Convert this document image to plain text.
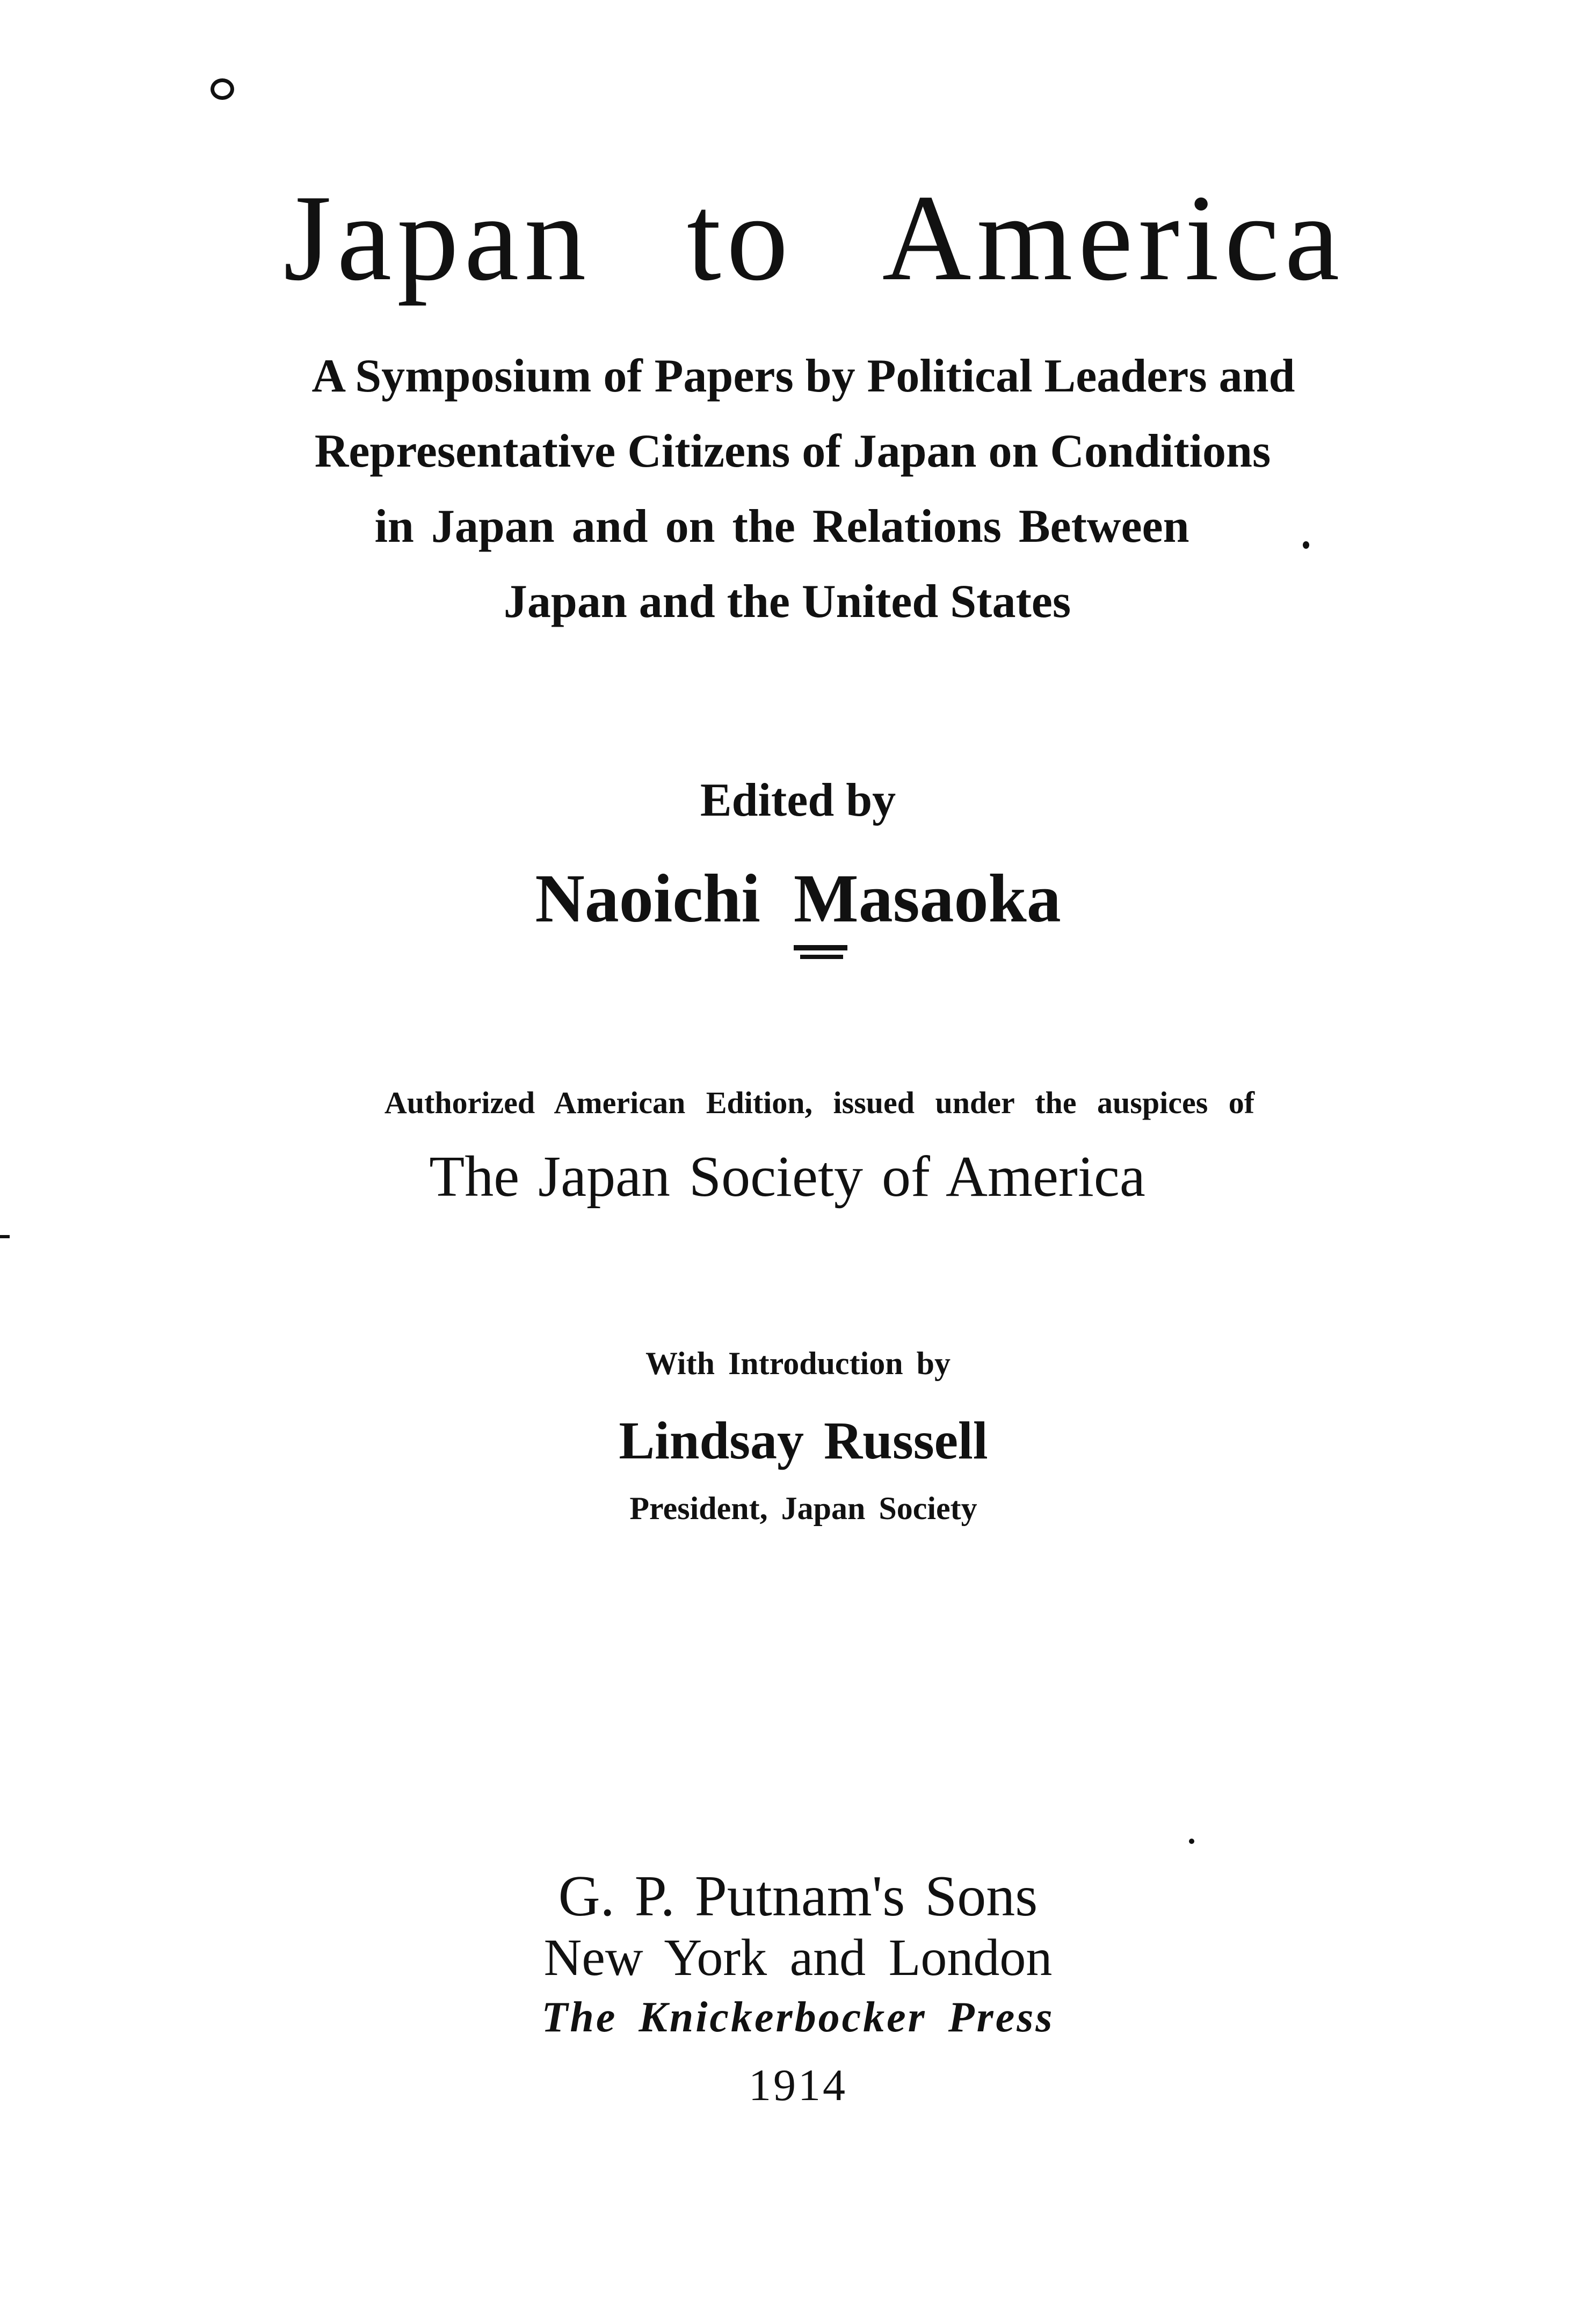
Japan to America
A Symposium of Papers by Political Leaders and
Representative Citizens of Japan on Conditions
in Japan and on the Relations Between
Japan and the United States
Edited by
Naoichi Masaoka
Authorized American Edition, issued under the auspices of
The Japan Society of America
With Introduction by
Lindsay Russell
President, Japan Society
G. P. Putnam's Sons
New York and London
The Knickerbocker Press
1914
